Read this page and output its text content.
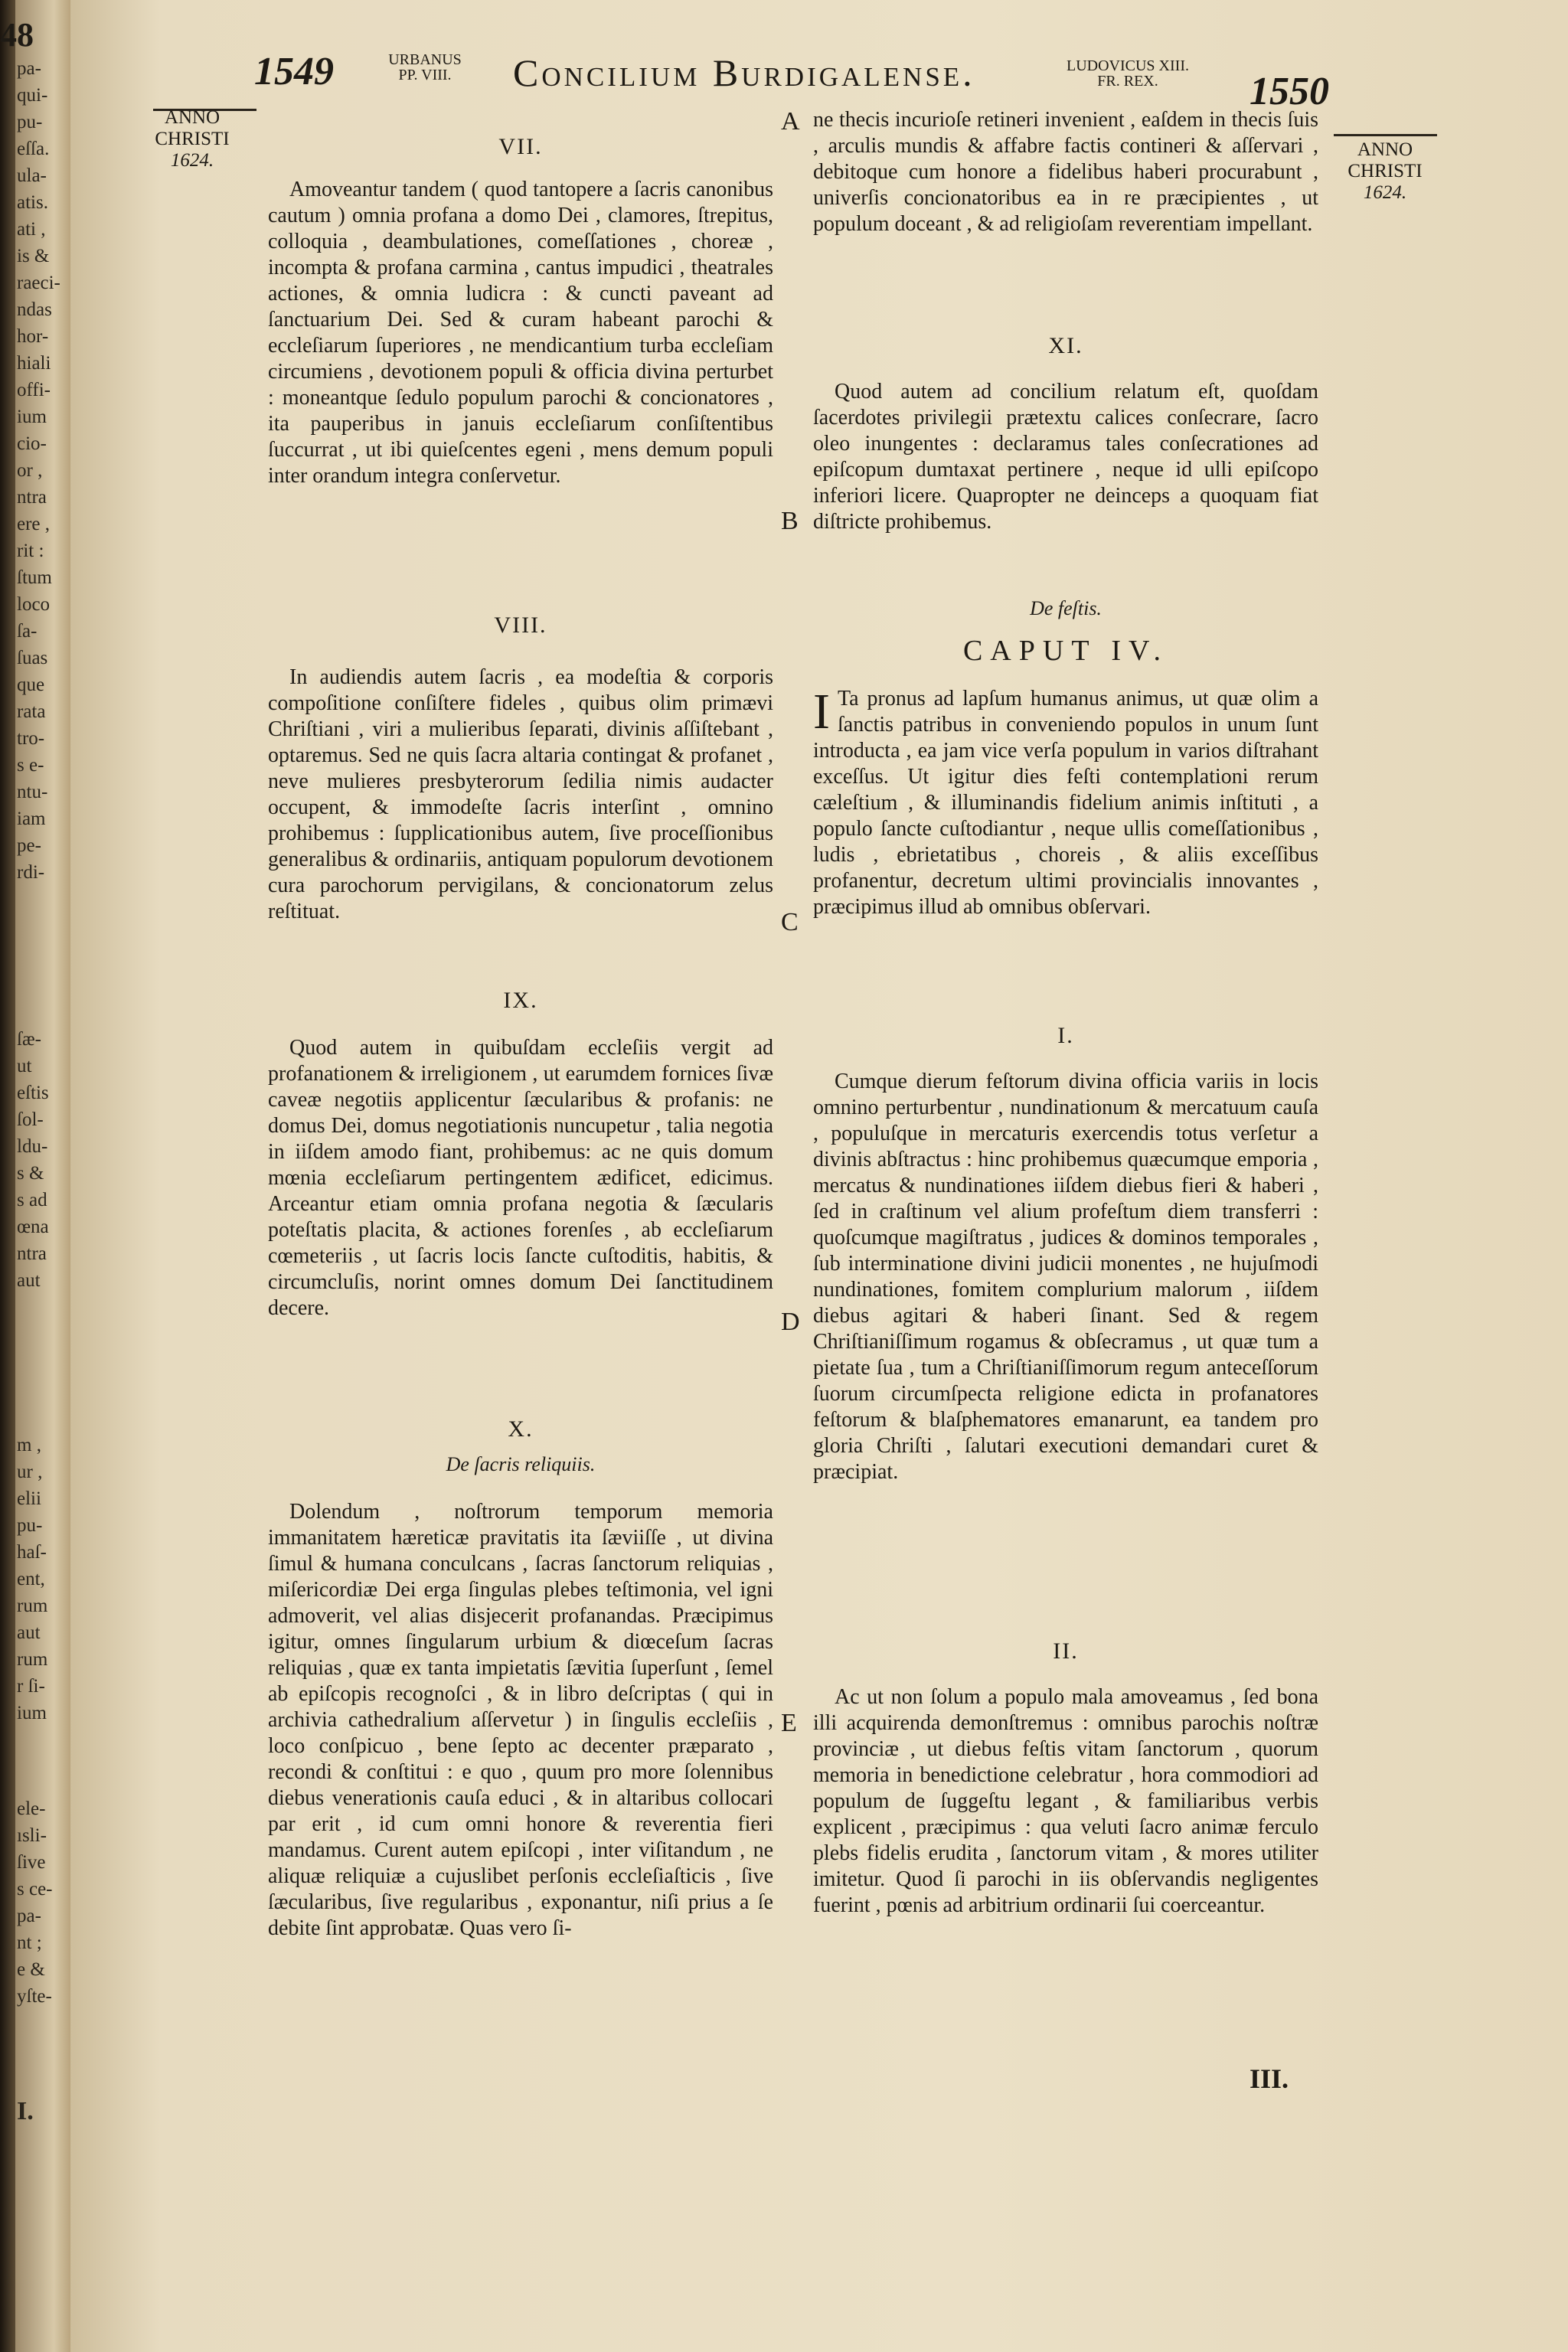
48
pa-
qui-
pu-
eſſa.
ula-
atis.
ati ,
is &
raeci-
ndas
hor-
hiali
offi-
ium
cio-
or ,
ntra
ere ,
rit :
ſtum
loco
ſa-
ſuas
que
rata
tro-
s e-
ntu-
iam
pe-
rdi-
ſæ-
ut
eſtis
ſol-
ldu-
s &
s ad
œna
ntra
aut
m ,
ur ,
elii
pu-
haſ-
ent,
rum
aut
rum
r ſi-
ium
ele-
ısli-
ſive
s ce-
pa-
nt ;
e &
yſte-
I.
1549	URBANUS
PP. VIII.	Concilium Burdigalense.	LUDOVICUS XIII.
FR. REX.	1550
ANNO
CHRISTI
1624.
ANNO
CHRISTI
1624.

VII.

Amoveantur tandem ( quod tantopere a ſacris canonibus cautum ) omnia profana a domo Dei , clamores, ſtrepitus, colloquia , deambulationes, comeſſationes , choreæ , incompta & profana carmina , cantus impudici , theatrales actiones, & omnia ludicra : & cuncti paveant ad ſanctuarium Dei. Sed & curam habeant parochi & eccleſiarum ſuperiores , ne mendicantium turba eccleſiam circumiens , devotionem populi & officia divina perturbet : moneantque ſedulo populum parochi & concionatores , ita pauperibus in januis eccleſiarum conſiſtentibus ſuccurrat , ut ibi quieſcentes egeni , mens demum populi inter orandum integra conſervetur.

VIII.

In audiendis autem ſacris , ea modeſtia & corporis compoſitione conſiſtere fideles , quibus olim primævi Chriſtiani , viri a mulieribus ſeparati, divinis aſſiſtebant , optaremus. Sed ne quis ſacra altaria contingat & profanet , neve mulieres presbyterorum ſedilia nimis audacter occupent, & immodeſte ſacris interſint , omnino prohibemus : ſupplicationibus autem, ſive proceſſionibus generalibus & ordinariis, antiquam populorum devotionem cura parochorum pervigilans, & concionatorum zelus reſtituat.

IX.

Quod autem in quibuſdam eccleſiis vergit ad profanationem & irreligionem , ut earumdem fornices ſivæ caveæ negotiis applicentur ſæcularibus & profanis: ne domus Dei, domus negotiationis nuncupetur , talia negotia in iiſdem amodo fiant, prohibemus: ac ne quis domum mœnia eccleſiarum pertingentem ædificet, edicimus. Arceantur etiam omnia profana negotia & ſæcularis poteſtatis placita, & actiones forenſes , ab eccleſiarum cœmeteriis , ut ſacris locis ſancte cuſtoditis, habitis, & circumcluſis, norint omnes domum Dei ſanctitudinem decere.

X.

De ſacris reliquiis.

Dolendum , noſtrorum temporum memoria immanitatem hæreticæ pravitatis ita ſæviiſſe , ut divina ſimul & humana conculcans , ſacras ſanctorum reliquias , miſericordiæ Dei erga ſingulas plebes teſtimonia, vel igni admoverit, vel alias disjecerit profanandas. Præcipimus igitur, omnes ſingularum urbium & diœceſum ſacras reliquias , quæ ex tanta impietatis ſævitia ſuperſunt , ſemel ab epiſcopis recognoſci , & in libro deſcriptas ( qui in archivia cathedralium aſſervetur ) in ſingulis eccleſiis , loco conſpicuo , bene ſepto ac decenter præparato , recondi & conſtitui : e quo , quum pro more ſolennibus diebus venerationis cauſa educi , & in altaribus collocari par erit , id cum omni honore & reverentia fieri mandamus. Curent autem epiſcopi , inter viſitandum , ne aliquæ reliquiæ a cujuslibet perſonis eccleſiaſticis , ſive ſæcularibus, ſive regularibus , exponantur, niſi prius a ſe debite ſint approbatæ. Quas vero ſi-

A
B
C
D
E

ne thecis incurioſe retineri invenient , eaſdem in thecis ſuis , arculis mundis & affabre factis contineri & aſſervari , debitoque cum honore a fidelibus haberi procurabunt , univerſis concionatoribus ea in re præcipientes , ut populum doceant , & ad religioſam reverentiam impellant.

XI.

Quod autem ad concilium relatum eſt, quoſdam ſacerdotes privilegii prætextu calices conſecrare, ſacro oleo inungentes : declaramus tales conſecrationes ad epiſcopum dumtaxat pertinere , neque id ulli epiſcopo inferiori licere. Quapropter ne deinceps a quoquam fiat diſtricte prohibemus.

De feſtis.

CAPUT IV.

I Ta pronus ad lapſum humanus animus, ut quæ olim a ſanctis patribus in conveniendo populos in unum ſunt introducta , ea jam vice verſa populum in varios diſtrahant exceſſus. Ut igitur dies feſti contemplationi rerum cæleſtium , & illuminandis fidelium animis inſtituti , a populo ſancte cuſtodiantur , neque ullis comeſſationibus , ludis , ebrietatibus , choreis , & aliis exceſſibus profanentur, decretum ultimi provincialis innovantes , præcipimus illud ab omnibus obſervari.

I.

Cumque dierum feſtorum divina officia variis in locis omnino perturbentur , nundinationum & mercatuum cauſa , populuſque in mercaturis exercendis totus verſetur a divinis abſtractus : hinc prohibemus quæcumque emporia , mercatus & nundinationes iiſdem diebus fieri & haberi , ſed in craſtinum vel alium profeſtum diem transferri : quoſcumque magiſtratus , judices & dominos temporales , ſub interminatione divini judicii monentes , ne hujuſmodi nundinationes, fomitem complurium malorum , iiſdem diebus agitari & haberi ſinant. Sed & regem Chriſtianiſſimum rogamus & obſecramus , ut quæ tum a pietate ſua , tum a Chriſtianiſſimorum regum anteceſſorum ſuorum circumſpecta religione edicta in profanatores feſtorum & blaſphematores emanarunt, ea tandem pro gloria Chriſti , ſalutari executioni demandari curet & præcipiat.

II.

Ac ut non ſolum a populo mala amoveamus , ſed bona illi acquirenda demonſtremus : omnibus parochis noſtræ provinciæ , ut diebus feſtis vitam ſanctorum , quorum memoria in benedictione celebratur , hora commodiori ad populum de ſuggeſtu legant , & familiaribus verbis explicent , præcipimus : qua veluti ſacro animæ ferculo plebs fidelis erudita , ſanctorum vitam , & mores utiliter imitetur. Quod ſi parochi in iis obſervandis negligentes fuerint , pœnis ad arbitrium ordinarii ſui coerceantur.

III.
